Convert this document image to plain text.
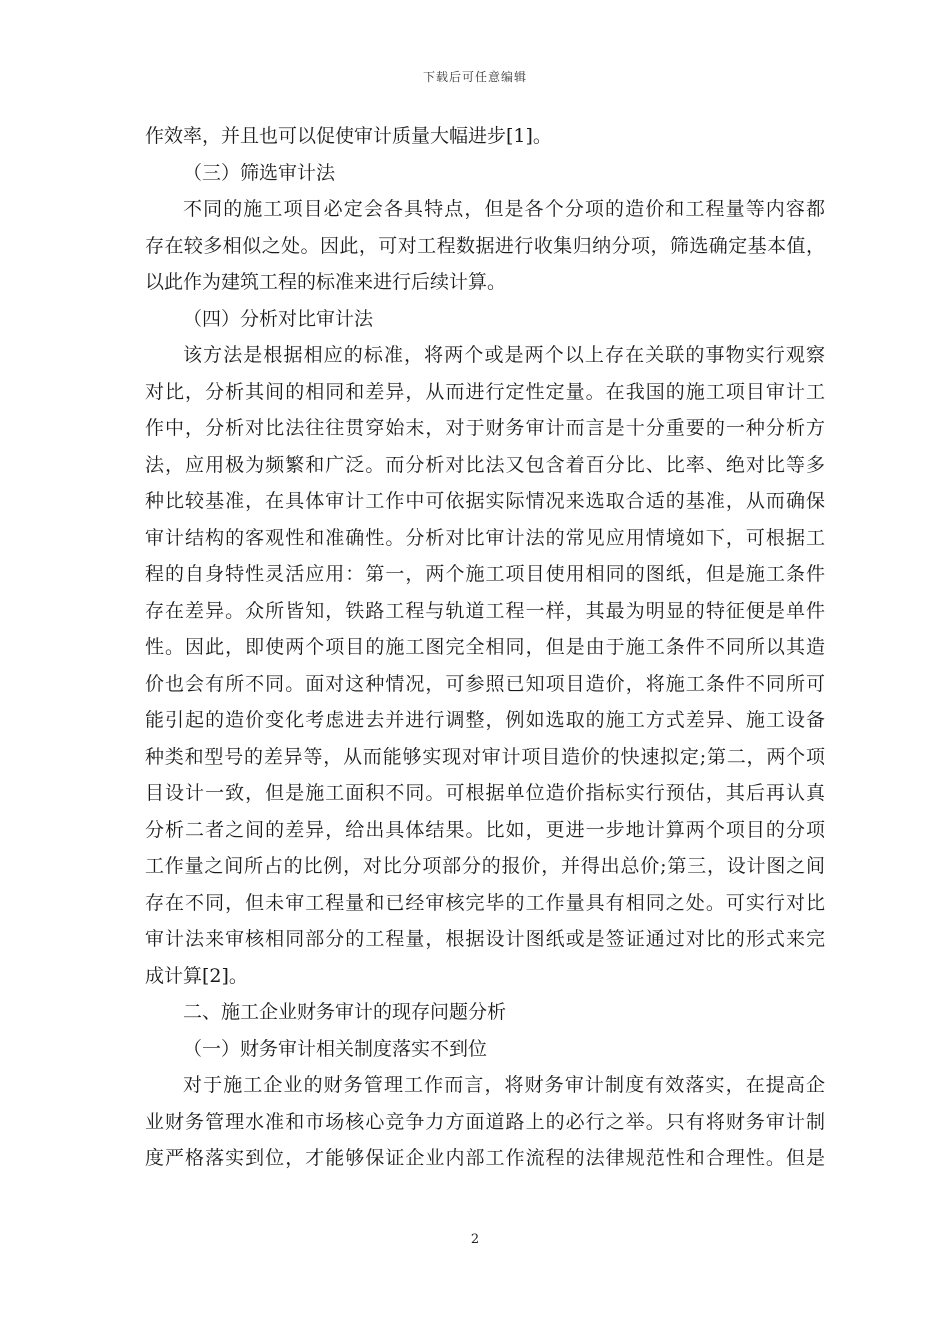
下载后可任意编辑
作效率，并且也可以促使审计质量大幅进步[1]。
（三）筛选审计法
不同的施工项目必定会各具特点，但是各个分项的造价和工程量等内容都
存在较多相似之处。因此，可对工程数据进行收集归纳分项，筛选确定基本值，
以此作为建筑工程的标准来进行后续计算。
（四）分析对比审计法
该方法是根据相应的标准，将两个或是两个以上存在关联的事物实行观察
对比，分析其间的相同和差异，从而进行定性定量。在我国的施工项目审计工
作中，分析对比法往往贯穿始末，对于财务审计而言是十分重要的一种分析方
法，应用极为频繁和广泛。而分析对比法又包含着百分比、比率、绝对比等多
种比较基准，在具体审计工作中可依据实际情况来选取合适的基准，从而确保
审计结构的客观性和准确性。分析对比审计法的常见应用情境如下，可根据工
程的自身特性灵活应用：第一，两个施工项目使用相同的图纸，但是施工条件
存在差异。众所皆知，铁路工程与轨道工程一样，其最为明显的特征便是单件
性。因此，即使两个项目的施工图完全相同，但是由于施工条件不同所以其造
价也会有所不同。面对这种情况，可参照已知项目造价，将施工条件不同所可
能引起的造价变化考虑进去并进行调整，例如选取的施工方式差异、施工设备
种类和型号的差异等，从而能够实现对审计项目造价的快速拟定;第二，两个项
目设计一致，但是施工面积不同。可根据单位造价指标实行预估，其后再认真
分析二者之间的差异，给出具体结果。比如，更进一步地计算两个项目的分项
工作量之间所占的比例，对比分项部分的报价，并得出总价;第三，设计图之间
存在不同，但未审工程量和已经审核完毕的工作量具有相同之处。可实行对比
审计法来审核相同部分的工程量，根据设计图纸或是签证通过对比的形式来完
成计算[2]。
二、施工企业财务审计的现存问题分析
（一）财务审计相关制度落实不到位
对于施工企业的财务管理工作而言，将财务审计制度有效落实，在提高企
业财务管理水准和市场核心竞争力方面道路上的必行之举。只有将财务审计制
度严格落实到位，才能够保证企业内部工作流程的法律规范性和合理性。但是
2
